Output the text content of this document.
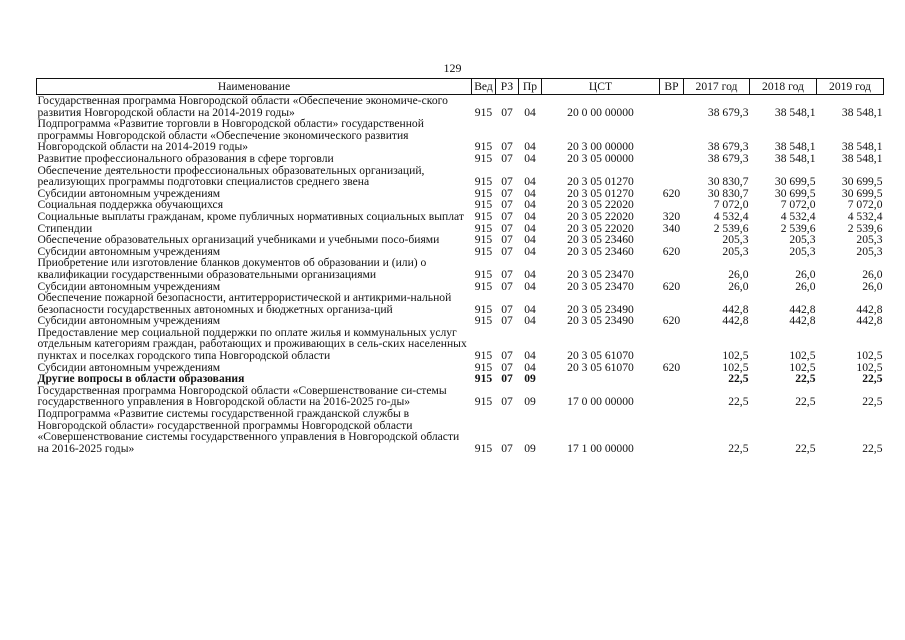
129
Наименование	Вед	РЗ	Пр	ЦСТ	ВР	2017 год	2018 год	2019 год
Государственная программа Новгородской области «Обеспечение экономиче-ского развития Новгородской области на 2014-2019 годы»	915	07	04	20 0 00 00000		38 679,3	38 548,1	38 548,1
Подпрограмма «Развитие торговли в Новгородской области» государственной программы Новгородской области «Обеспечение экономического развития Новгородской области на 2014-2019 годы»	915	07	04	20 3 00 00000		38 679,3	38 548,1	38 548,1
Развитие профессионального образования в сфере торговли	915	07	04	20 3 05 00000		38 679,3	38 548,1	38 548,1
Обеспечение деятельности профессиональных образовательных организаций, реализующих программы подготовки специалистов среднего звена	915	07	04	20 3 05 01270		30 830,7	30 699,5	30 699,5
Субсидии автономным учреждениям	915	07	04	20 3 05 01270	620	30 830,7	30 699,5	30 699,5
Социальная поддержка обучающихся	915	07	04	20 3 05 22020		7 072,0	7 072,0	7 072,0
Социальные выплаты гражданам, кроме публичных нормативных социальных выплат	915	07	04	20 3 05 22020	320	4 532,4	4 532,4	4 532,4
Стипендии	915	07	04	20 3 05 22020	340	2 539,6	2 539,6	2 539,6
Обеспечение образовательных организаций учебниками и учебными посо-биями	915	07	04	20 3 05 23460		205,3	205,3	205,3
Субсидии автономным учреждениям	915	07	04	20 3 05 23460	620	205,3	205,3	205,3
Приобретение или изготовление бланков документов об образовании и (или) о квалификации государственными образовательными организациями	915	07	04	20 3 05 23470		26,0	26,0	26,0
Субсидии автономным учреждениям	915	07	04	20 3 05 23470	620	26,0	26,0	26,0
Обеспечение пожарной безопасности, антитеррористической и антикрими-нальной безопасности государственных автономных и бюджетных организа-ций	915	07	04	20 3 05 23490		442,8	442,8	442,8
Субсидии автономным учреждениям	915	07	04	20 3 05 23490	620	442,8	442,8	442,8
Предоставление мер социальной поддержки по оплате жилья и коммунальных услуг отдельным категориям граждан, работающих и проживающих в сель-ских населенных пунктах и поселках городского типа Новгородской области	915	07	04	20 3 05 61070		102,5	102,5	102,5
Субсидии автономным учреждениям	915	07	04	20 3 05 61070	620	102,5	102,5	102,5
Другие вопросы в области образования	915	07	09			22,5	22,5	22,5
Государственная программа Новгородской области «Совершенствование си-стемы государственного управления в Новгородской области на 2016-2025 го-ды»	915	07	09	17 0 00 00000		22,5	22,5	22,5
Подпрограмма «Развитие системы государственной гражданской службы в Новгородской области» государственной программы Новгородской области «Совершенствование системы государственного управления в Новгородской области на 2016-2025 годы»	915	07	09	17 1 00 00000		22,5	22,5	22,5
